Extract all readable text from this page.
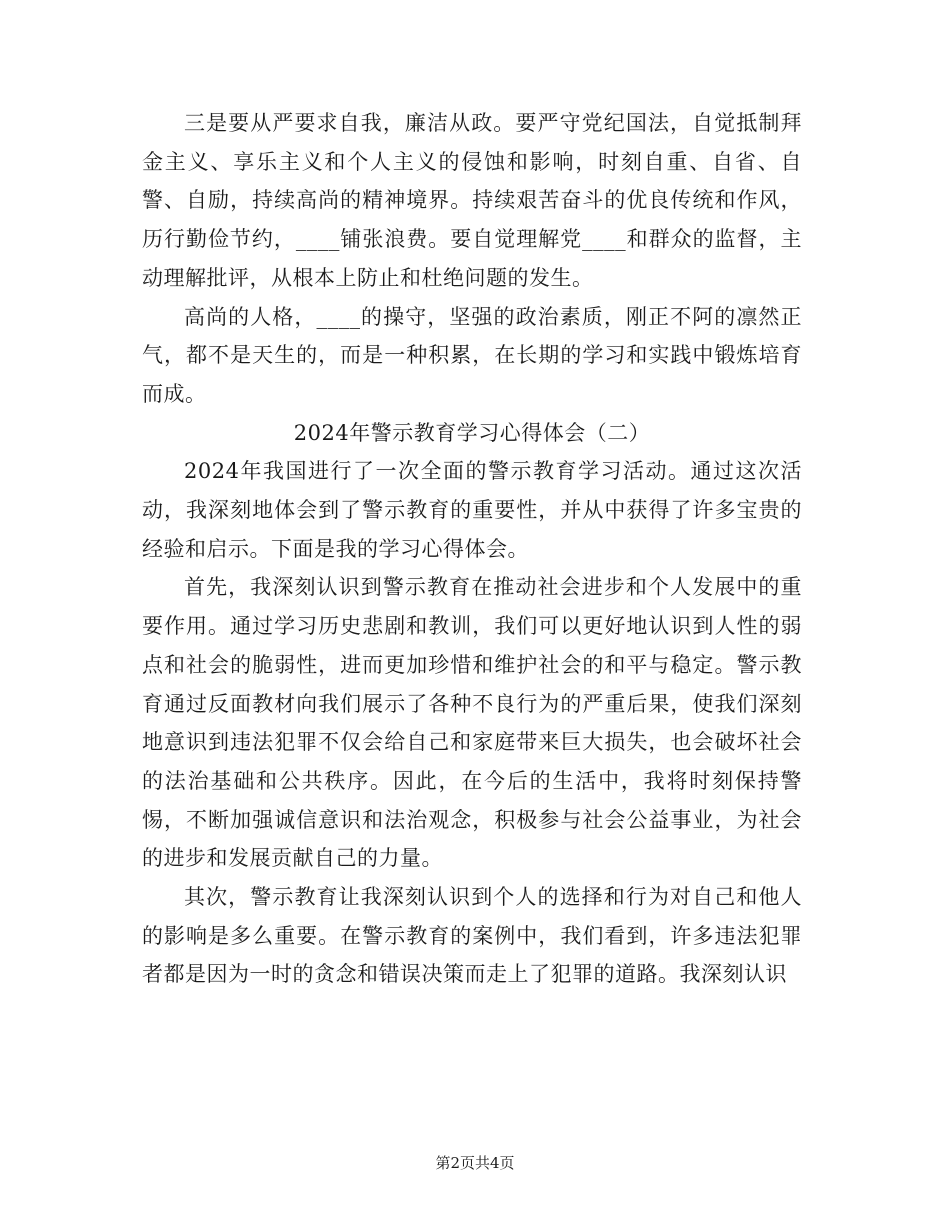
三是要从严要求自我，廉洁从政。要严守党纪国法，自觉抵制拜金主义、享乐主义和个人主义的侵蚀和影响，时刻自重、自省、自警、自励，持续高尚的精神境界。持续艰苦奋斗的优良传统和作风，历行勤俭节约，____铺张浪费。要自觉理解党____和群众的监督，主动理解批评，从根本上防止和杜绝问题的发生。

高尚的人格，____的操守，坚强的政治素质，刚正不阿的凛然正气，都不是天生的，而是一种积累，在长期的学习和实践中锻炼培育而成。

2024年警示教育学习心得体会（二）

2024年我国进行了一次全面的警示教育学习活动。通过这次活动，我深刻地体会到了警示教育的重要性，并从中获得了许多宝贵的经验和启示。下面是我的学习心得体会。

首先，我深刻认识到警示教育在推动社会进步和个人发展中的重要作用。通过学习历史悲剧和教训，我们可以更好地认识到人性的弱点和社会的脆弱性，进而更加珍惜和维护社会的和平与稳定。警示教育通过反面教材向我们展示了各种不良行为的严重后果，使我们深刻地意识到违法犯罪不仅会给自己和家庭带来巨大损失，也会破坏社会的法治基础和公共秩序。因此，在今后的生活中，我将时刻保持警惕，不断加强诚信意识和法治观念，积极参与社会公益事业，为社会的进步和发展贡献自己的力量。

其次，警示教育让我深刻认识到个人的选择和行为对自己和他人的影响是多么重要。在警示教育的案例中，我们看到，许多违法犯罪者都是因为一时的贪念和错误决策而走上了犯罪的道路。我深刻认识

第2页共4页
